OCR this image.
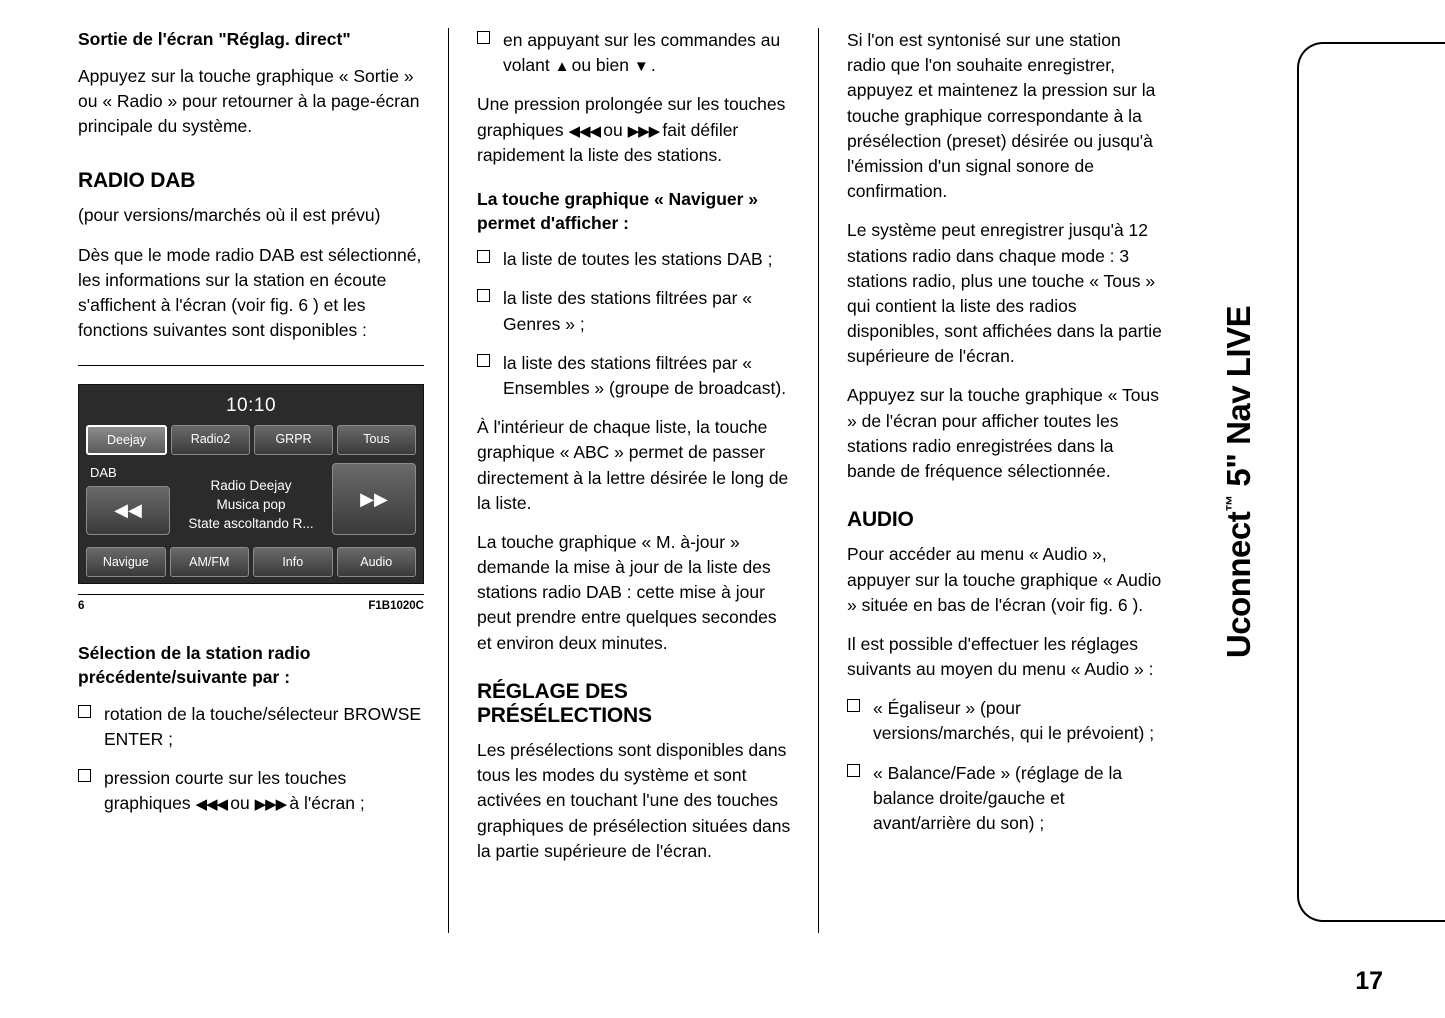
Sortie de l'écran "Réglag. direct"

Appuyez sur la touche graphique « Sortie » ou « Radio » pour retourner à la page-écran principale du système.

RADIO DAB

(pour versions/marchés où il est prévu)

Dès que le mode radio DAB est sélectionné, les informations sur la station en écoute s'affichent à l'écran (voir fig. 6 ) et les fonctions suivantes sont disponibles :

10:10
Deejay	Radio2	GRPR	Tous
DAB
◀◀
Radio Deejay
Musica pop
State ascoltando R...
▶▶
Navigue	AM/FM	Info	Audio
6	F1B1020C
Sélection de la station radio précédente/suivante par :
rotation de la touche/sélecteur BROWSE ENTER ;
pression courte sur les touches graphiques ◀◀◀ ou ▶▶▶ à l'écran ;
en appuyant sur les commandes au volant ▲ ou bien ▼ .

Une pression prolongée sur les touches graphiques ◀◀◀ ou ▶▶▶ fait défiler rapidement la liste des stations.

La touche graphique « Naviguer » permet d'afficher :
la liste de toutes les stations DAB ;
la liste des stations filtrées par « Genres » ;
la liste des stations filtrées par « Ensembles » (groupe de broadcast).

À l'intérieur de chaque liste, la touche graphique « ABC » permet de passer directement à la lettre désirée le long de la liste.

La touche graphique « M. à-jour » demande la mise à jour de la liste des stations radio DAB : cette mise à jour peut prendre entre quelques secondes et environ deux minutes.

RÉGLAGE DES PRÉSÉLECTIONS

Les présélections sont disponibles dans tous les modes du système et sont activées en touchant l'une des touches graphiques de présélection situées dans la partie supérieure de l'écran.

Si l'on est syntonisé sur une station radio que l'on souhaite enregistrer, appuyez et maintenez la pression sur la touche graphique correspondante à la présélection (preset) désirée ou jusqu'à l'émission d'un signal sonore de confirmation.

Le système peut enregistrer jusqu'à 12 stations radio dans chaque mode : 3 stations radio, plus une touche « Tous » qui contient la liste des radios disponibles, sont affichées dans la partie supérieure de l'écran.

Appuyez sur la touche graphique « Tous » de l'écran pour afficher toutes les stations radio enregistrées dans la bande de fréquence sélectionnée.

AUDIO

Pour accéder au menu « Audio », appuyer sur la touche graphique « Audio » située en bas de l'écran (voir fig. 6 ).

Il est possible d'effectuer les réglages suivants au moyen du menu « Audio » :

« Égaliseur » (pour versions/marchés, qui le prévoient) ;
« Balance/Fade » (réglage de la balance droite/gauche et avant/arrière du son) ;
Uconnect™ 5" Nav LIVE
17
